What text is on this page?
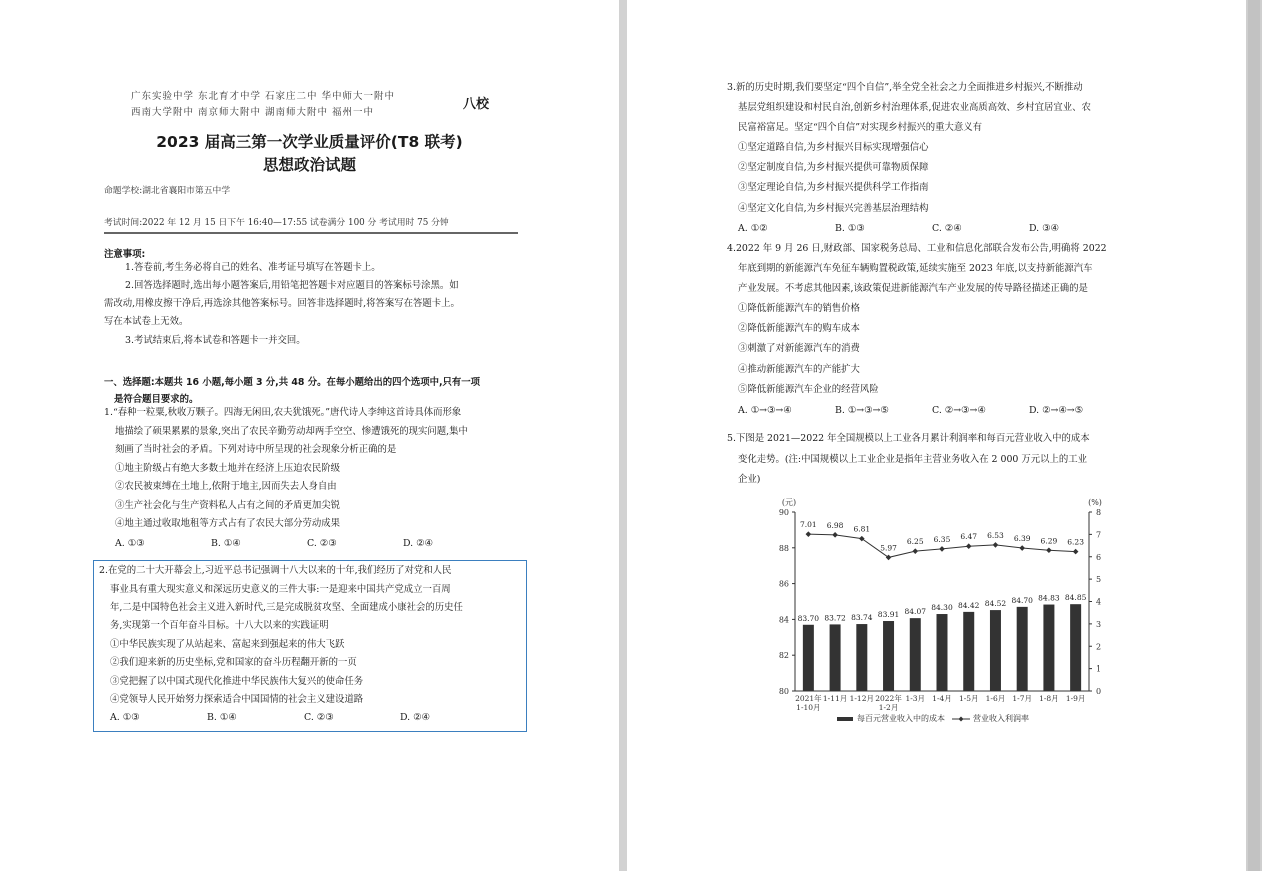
广东实验中学 东北育才中学 石家庄二中 华中师大一附中
西南大学附中 南京师大附中 湖南师大附中 福州一中
八校
2023 届高三第一次学业质量评价(T8 联考)
思想政治试题
命题学校:湖北省襄阳市第五中学
考试时间:2022 年 12 月 15 日下午 16:40—17:55 试卷满分 100 分 考试用时 75 分钟
注意事项:
1.答卷前,考生务必将自己的姓名、准考证号填写在答题卡上。
2.回答选择题时,选出每小题答案后,用铅笔把答题卡对应题目的答案标号涂黑。如
需改动,用橡皮擦干净后,再选涂其他答案标号。回答非选择题时,将答案写在答题卡上。
写在本试卷上无效。
3.考试结束后,将本试卷和答题卡一并交回。
一、选择题:本题共 16 小题,每小题 3 分,共 48 分。在每小题给出的四个选项中,只有一项
是符合题目要求的。
1.“春种一粒粟,秋收万颗子。四海无闲田,农夫犹饿死。”唐代诗人李绅这首诗具体而形象
地描绘了硕果累累的景象,突出了农民辛勤劳动却两手空空、惨遭饿死的现实问题,集中
刻画了当时社会的矛盾。下列对诗中所呈现的社会现象分析正确的是
①地主阶级占有绝大多数土地并在经济上压迫农民阶级
②农民被束缚在土地上,依附于地主,因而失去人身自由
③生产社会化与生产资料私人占有之间的矛盾更加尖锐
④地主通过收取地租等方式占有了农民大部分劳动成果
A. ①③	B. ①④	C. ②③	D. ②④
2.在党的二十大开幕会上,习近平总书记强调十八大以来的十年,我们经历了对党和人民
事业具有重大现实意义和深远历史意义的三件大事:一是迎来中国共产党成立一百周
年,二是中国特色社会主义进入新时代,三是完成脱贫攻坚、全面建成小康社会的历史任
务,实现第一个百年奋斗目标。十八大以来的实践证明
①中华民族实现了从站起来、富起来到强起来的伟大飞跃
②我们迎来新的历史坐标,党和国家的奋斗历程翻开新的一页
③党把握了以中国式现代化推进中华民族伟大复兴的使命任务
④党领导人民开始努力探索适合中国国情的社会主义建设道路
A. ①③	B. ①④	C. ②③	D. ②④
3.新的历史时期,我们要坚定“四个自信”,举全党全社会之力全面推进乡村振兴,不断推动
基层党组织建设和村民自治,创新乡村治理体系,促进农业高质高效、乡村宜居宜业、农
民富裕富足。坚定“四个自信”对实现乡村振兴的重大意义有
①坚定道路自信,为乡村振兴目标实现增强信心
②坚定制度自信,为乡村振兴提供可靠物质保障
③坚定理论自信,为乡村振兴提供科学工作指南
④坚定文化自信,为乡村振兴完善基层治理结构
A. ①②	B. ①③	C. ②④	D. ③④
4.2022 年 9 月 26 日,财政部、国家税务总局、工业和信息化部联合发布公告,明确将 2022
年底到期的新能源汽车免征车辆购置税政策,延续实施至 2023 年底,以支持新能源汽车
产业发展。不考虑其他因素,该政策促进新能源汽车产业发展的传导路径描述正确的是
①降低新能源汽车的销售价格
②降低新能源汽车的购车成本
③刺激了对新能源汽车的消费
④推动新能源汽车的产能扩大
⑤降低新能源汽车企业的经营风险
A. ①→③→④	B. ①→③→⑤	C. ②→③→④	D. ②→④→⑤
5.下图是 2021—2022 年全国规模以上工业各月累计利润率和每百元营业收入中的成本
变化走势。(注:中国规模以上工业企业是指年主营业务收入在 2 000 万元以上的工业
企业)
(元)	(%)
80
82
84
86
88
90
0
1
2
3
4
5
6
7
8
83.70 83.72 83.74 83.91 84.07 84.30 84.42 84.52 84.70 84.83 84.85
7.01 6.98 6.81
5.97
6.25 6.35 6.47 6.53 6.39 6.29 6.23
2021年
1-10月
1-11月 1-12月 2022年
1-2月
1-3月 1-4月 1-5月 1-6月 1-7月 1-8月 1-9月
每百元营业收入中的成本	营业收入利润率
